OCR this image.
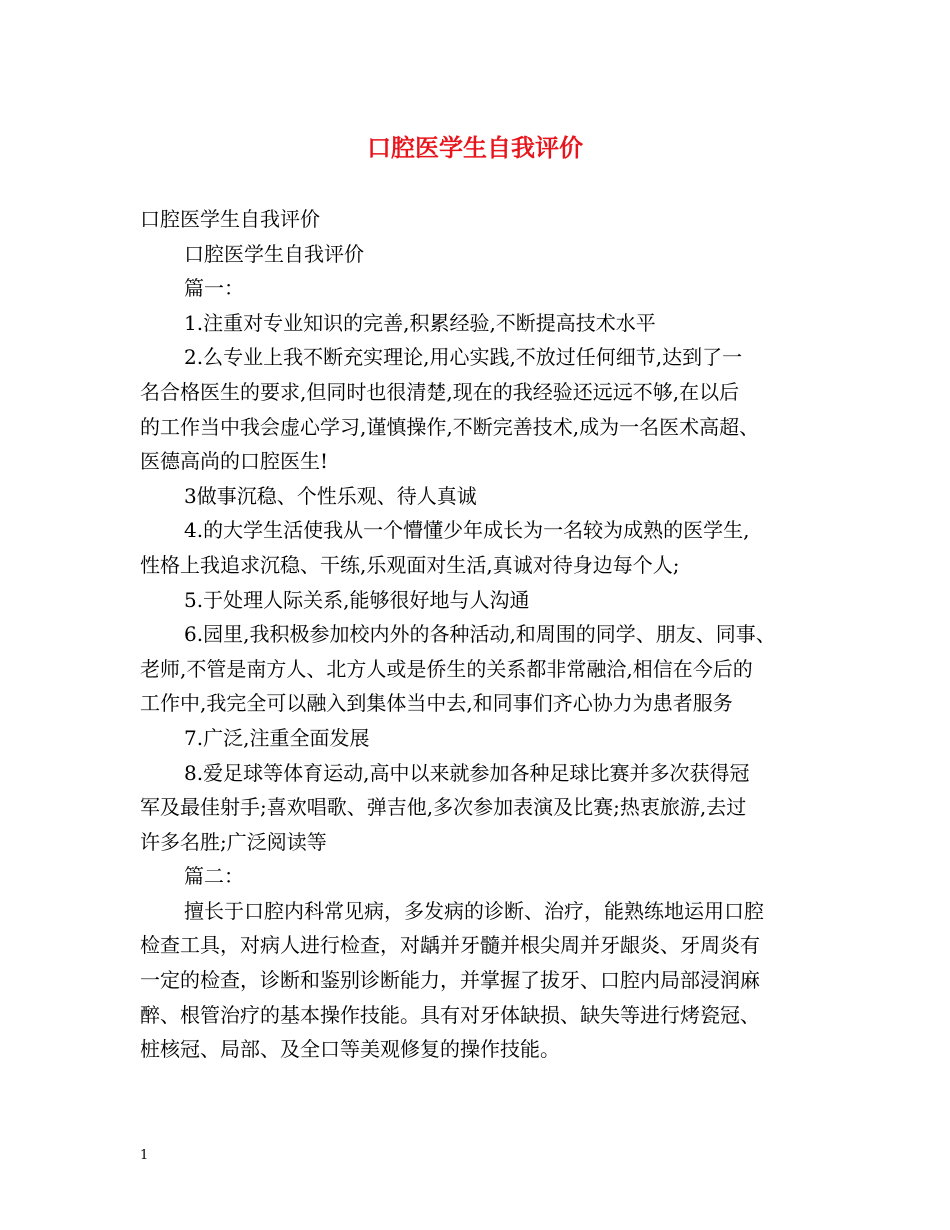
口腔医学生自我评价

口腔医学生自我评价

口腔医学生自我评价

篇一：

1.注重对专业知识的完善,积累经验,不断提高技术水平

2.么专业上我不断充实理论,用心实践,不放过任何细节,达到了一

名合格医生的要求,但同时也很清楚,现在的我经验还远远不够,在以后

的工作当中我会虚心学习,谨慎操作,不断完善技术,成为一名医术高超、

医德高尚的口腔医生!

3做事沉稳、个性乐观、待人真诚

4.的大学生活使我从一个懵懂少年成长为一名较为成熟的医学生,

性格上我追求沉稳、干练,乐观面对生活,真诚对待身边每个人;

5.于处理人际关系,能够很好地与人沟通

6.园里,我积极参加校内外的各种活动,和周围的同学、朋友、同事、

老师,不管是南方人、北方人或是侨生的关系都非常融洽,相信在今后的

工作中,我完全可以融入到集体当中去,和同事们齐心协力为患者服务

7.广泛,注重全面发展

8.爱足球等体育运动,高中以来就参加各种足球比赛并多次获得冠

军及最佳射手;喜欢唱歌、弹吉他,多次参加表演及比赛;热衷旅游,去过

许多名胜;广泛阅读等

篇二：

擅长于口腔内科常见病，多发病的诊断、治疗，能熟练地运用口腔

检查工具，对病人进行检查，对龋并牙髓并根尖周并牙龈炎、牙周炎有

一定的检查，诊断和鉴别诊断能力，并掌握了拔牙、口腔内局部浸润麻

醉、根管治疗的基本操作技能。具有对牙体缺损、缺失等进行烤瓷冠、

桩核冠、局部、及全口等美观修复的操作技能。

1
